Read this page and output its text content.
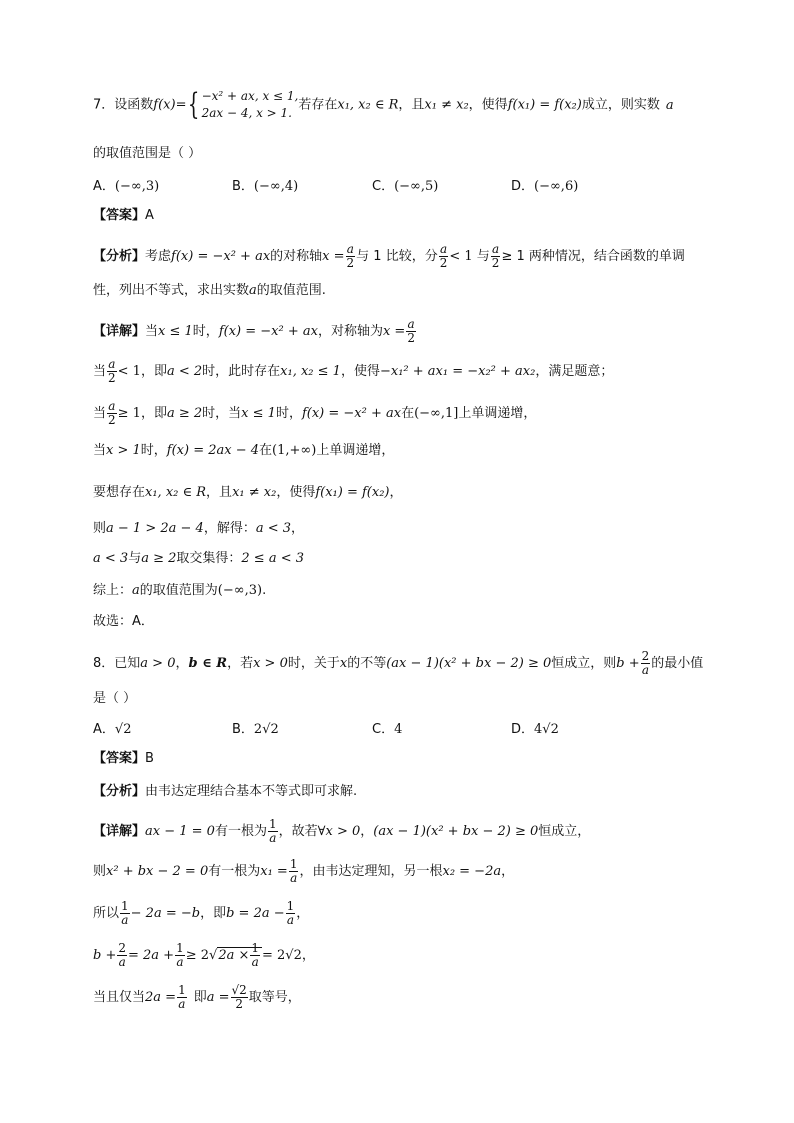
7．设函数f(x)={ −x² + ax, x ≤ 1,
2ax − 4, x > 1.
若存在x₁, x₂ ∈ R，且x₁ ≠ x₂，使得f(x₁) = f(x₂)成立，则实数 a
的取值范围是（ ）
A．(−∞,3)	B．(−∞,4)	C．(−∞,5)	D．(−∞,6)
【答案】A
【分析】考虑f(x) = −x² + ax的对称轴$x = \frac{a}{2}$ 与 1 比较，分 $\frac{a}{2} < 1$ 与 $\frac{a}{2} \ge 1$ 两种情况，结合函数的单调
性，列出不等式，求出实数a的取值范围.
【详解】当x ≤ 1时，f(x) = −x² + ax，对称轴为$x = \frac{a}{2}$
当 $\frac{a}{2} < 1$，即a < 2时，此时存在x₁, x₂ ≤ 1，使得−x₁² + ax₁ = −x₂² + ax₂，满足题意；
当 $\frac{a}{2} \ge 1$，即a ≥ 2时，当x ≤ 1时，f(x) = −x² + ax在(−∞,1]上单调递增，
当x > 1时，f(x) = 2ax − 4在(1,+∞)上单调递增，
要想存在x₁, x₂ ∈ R，且x₁ ≠ x₂，使得f(x₁) = f(x₂)，
则a − 1 > 2a − 4，解得：a < 3，
a < 3与a ≥ 2取交集得：2 ≤ a < 3
综上：a的取值范围为(−∞,3).
故选：A．
8．已知a > 0，b ∈ R，若x > 0时，关于x的不等(ax − 1)(x² + bx − 2) ≥ 0恒成立，则$b + \frac{2}{a}$ 的最小值
是（ ）
A．√2	B．2√2	C．4	D．4√2
【答案】B
【分析】由韦达定理结合基本不等式即可求解.
【详解】ax − 1 = 0有一根为 $\frac{1}{a}$ ，故若∀x > 0，(ax − 1)(x² + bx − 2) ≥ 0恒成立，
则x² + bx − 2 = 0有一根为$x_1 = \frac{1}{a}$ ，由韦达定理知，另一根x₂ = −2a，
所以 $\frac{1}{a} - 2a = -b$，即$b = 2a - \frac{1}{a}$ ，
$b + \frac{2}{a} = 2a + \frac{1}{a} \ge 2√2a \times \frac{1}{a} = 2√2$，
当且仅当$2a = \frac{1}{a}$ 即$a = \frac{√2}{2}$ 取等号，
